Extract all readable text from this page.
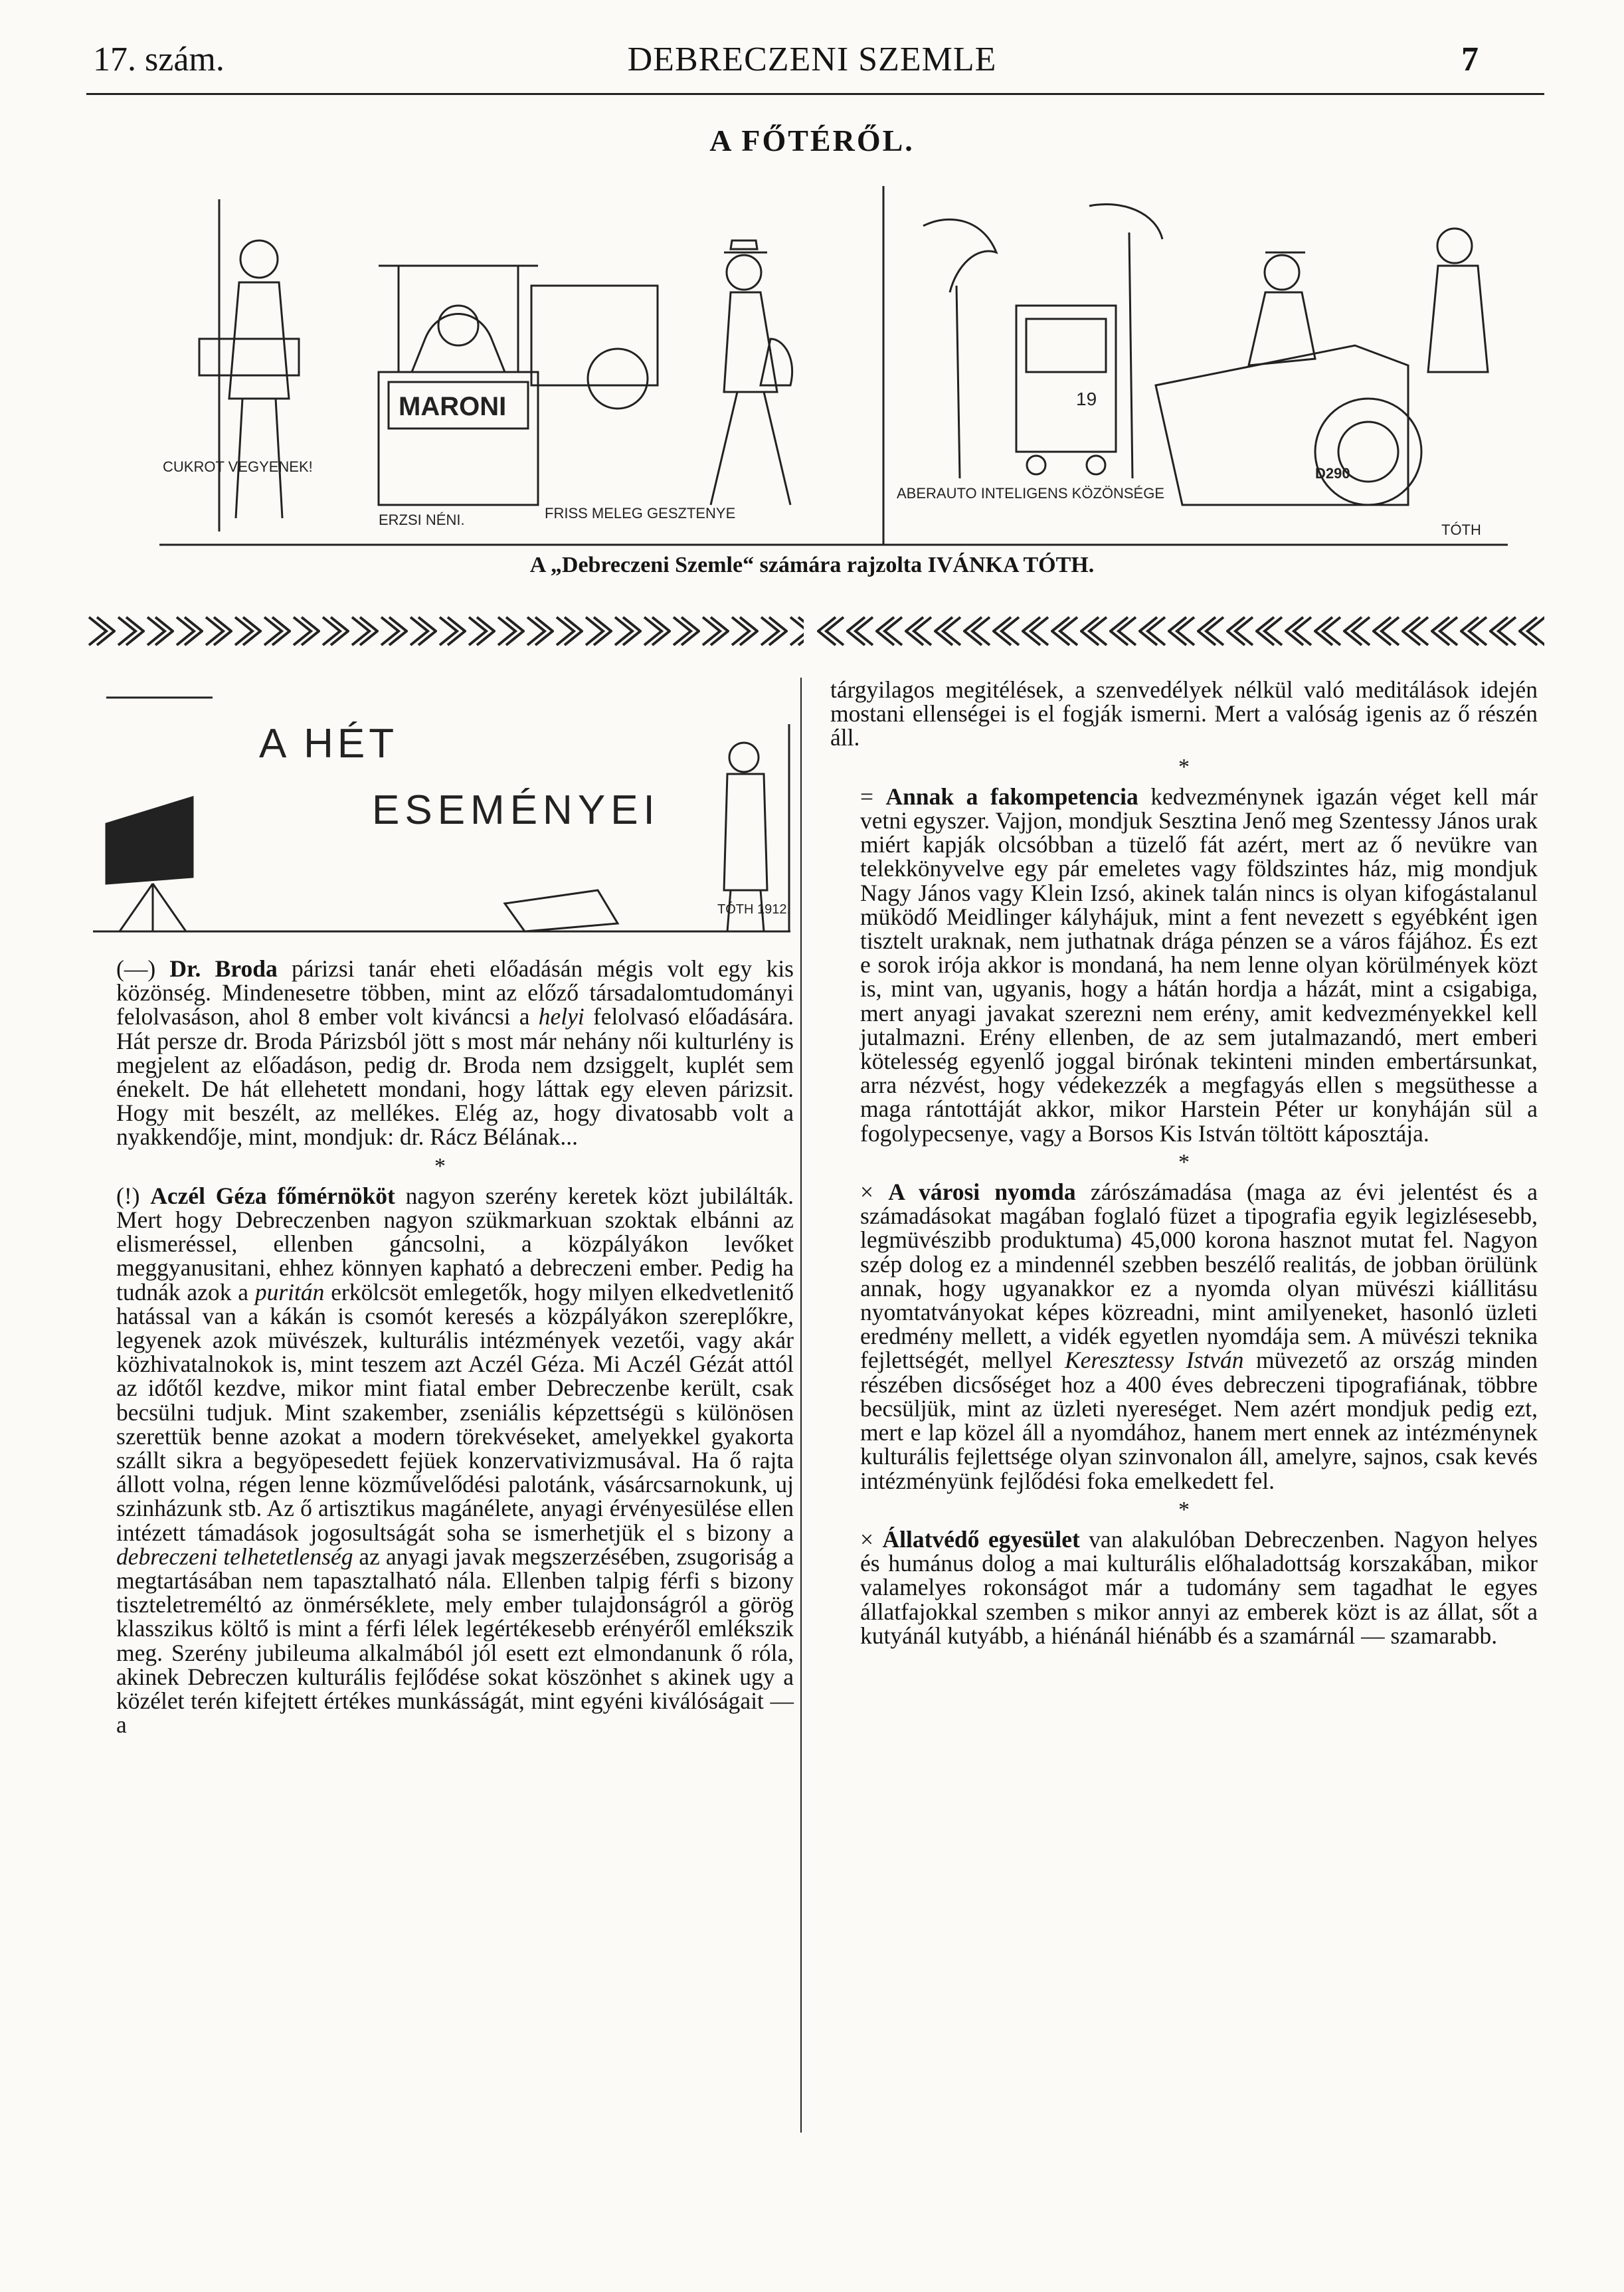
17. szám.	DEBRECZENI SZEMLE	7
A FŐTÉRŐL.
CUKROT VEGYENEK!
MARONI
ERZSI NÉNI.	FRISS MELEG GESZTENYE
ABERAUTO INTELIGENS KÖZÖNSÉGE
D290
19
TÓTH
A „Debreczeni Szemle“ számára rajzolta IVÁNKA TÓTH.
A HÉT
ESEMÉNYEI
TÓTH 1912.

(—) Dr. Broda párizsi tanár eheti előadásán mégis volt egy kis közönség. Mindenesetre többen, mint az előző társadalomtudományi felolvasáson, ahol 8 ember volt kiváncsi a helyi felolvasó előadására. Hát persze dr. Broda Párizsból jött s most már nehány női kulturlény is megjelent az előadáson, pedig dr. Broda nem dzsiggelt, kuplét sem énekelt. De hát ellehetett mondani, hogy láttak egy eleven párizsit. Hogy mit beszélt, az mellékes. Elég az, hogy divatosabb volt a nyakkendője, mint, mondjuk: dr. Rácz Bélának...

*

(!) Aczél Géza főmérnököt nagyon szerény keretek közt jubilálták. Mert hogy Debreczenben nagyon szükmarkuan szoktak elbánni az elismeréssel, ellenben gáncsolni, a közpályákon levőket meggyanusitani, ehhez könnyen kapható a debreczeni ember. Pedig ha tudnák azok a puritán erkölcsöt emlegetők, hogy milyen elkedvetlenitő hatással van a kákán is csomót keresés a közpályákon szereplőkre, legyenek azok müvészek, kulturális intézmények vezetői, vagy akár közhivatalnokok is, mint teszem azt Aczél Géza. Mi Aczél Gézát attól az időtől kezdve, mikor mint fiatal ember Debreczenbe került, csak becsülni tudjuk. Mint szakember, zseniális képzettségü s különösen szerettük benne azokat a modern törekvéseket, amelyekkel gyakorta szállt sikra a begyöpesedett fejüek konzervativizmusával. Ha ő rajta állott volna, régen lenne közművelődési palotánk, vásárcsarnokunk, uj szinházunk stb. Az ő artisztikus magánélete, anyagi érvényesülése ellen intézett támadások jogosultságát soha se ismerhetjük el s bizony a debreczeni telhetetlenség az anyagi javak megszerzésében, zsugoriság a megtartásában nem tapasztalható nála. Ellenben talpig férfi s bizony tiszteletreméltó az önmérséklete, mely ember tulajdonságról a görög klasszikus költő is mint a férfi lélek legértékesebb erényéről emlékszik meg. Szerény jubileuma alkalmából jól esett ezt elmondanunk ő róla, akinek Debreczen kulturális fejlődése sokat köszönhet s akinek ugy a közélet terén kifejtett értékes munkásságát, mint egyéni kiválóságait — a

tárgyilagos megitélések, a szenvedélyek nélkül való meditálások idején mostani ellenségei is el fogják ismerni. Mert a valóság igenis az ő részén áll.

*

= Annak a fakompetencia kedvezménynek igazán véget kell már vetni egyszer. Vajjon, mondjuk Sesztina Jenő meg Szentessy János urak miért kapják olcsóbban a tüzelő fát azért, mert az ő nevükre van telekkönyvelve egy pár emeletes vagy földszintes ház, mig mondjuk Nagy János vagy Klein Izsó, akinek talán nincs is olyan kifogástalanul müködő Meidlinger kályhájuk, mint a fent nevezett s egyébként igen tisztelt uraknak, nem juthatnak drága pénzen se a város fájához. És ezt e sorok irója akkor is mondaná, ha nem lenne olyan körülmények közt is, mint van, ugyanis, hogy a hátán hordja a házát, mint a csigabiga, mert anyagi javakat szerezni nem erény, amit kedvezményekkel kell jutalmazni. Erény ellenben, de az sem jutalmazandó, mert emberi kötelesség egyenlő joggal birónak tekinteni minden embertársunkat, arra nézvést, hogy védekezzék a megfagyás ellen s megsüthesse a maga rántottáját akkor, mikor Harstein Péter ur konyháján sül a fogolypecsenye, vagy a Borsos Kis István töltött káposztája.

*

× A városi nyomda zárószámadása (maga az évi jelentést és a számadásokat magában foglaló füzet a tipografia egyik legizlésesebb, legmüvészibb produktuma) 45,000 korona hasznot mutat fel. Nagyon szép dolog ez a mindennél szebben beszélő realitás, de jobban örülünk annak, hogy ugyanakkor ez a nyomda olyan müvészi kiállitásu nyomtatványokat képes közreadni, mint amilyeneket, hasonló üzleti eredmény mellett, a vidék egyetlen nyomdája sem. A müvészi teknika fejlettségét, mellyel Keresztessy István müvezető az ország minden részében dicsőséget hoz a 400 éves debreczeni tipografiának, többre becsüljük, mint az üzleti nyereséget. Nem azért mondjuk pedig ezt, mert e lap közel áll a nyomdához, hanem mert ennek az intézménynek kulturális fejlettsége olyan szinvonalon áll, amelyre, sajnos, csak kevés intézményünk fejlődési foka emelkedett fel.

*

× Állatvédő egyesület van alakulóban Debreczenben. Nagyon helyes és humánus dolog a mai kulturális előhaladottság korszakában, mikor valamelyes rokonságot már a tudomány sem tagadhat le egyes állatfajokkal szemben s mikor annyi az emberek közt is az állat, sőt a kutyánál kutyább, a hiénánál hiénább és a szamárnál — szamarabb.
